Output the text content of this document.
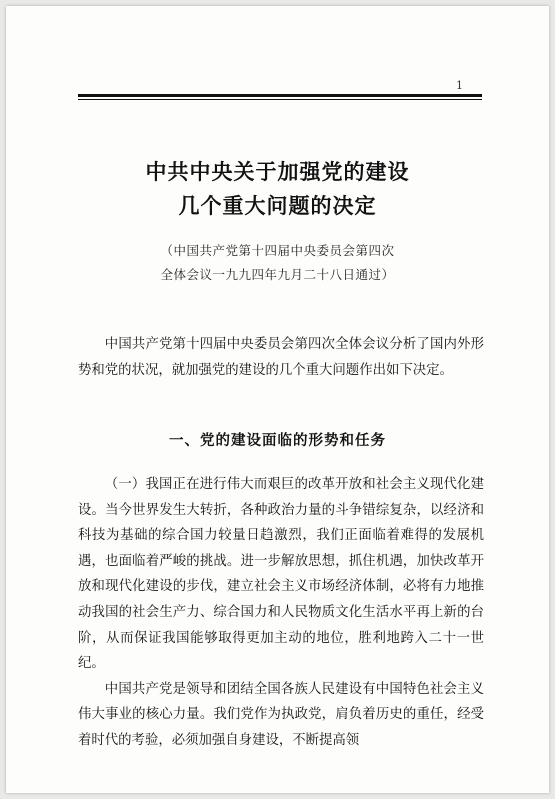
1
中共中央关于加强党的建设
几个重大问题的决定
（中国共产党第十四届中央委员会第四次
全体会议一九九四年九月二十八日通过）

中国共产党第十四届中央委员会第四次全体会议分析了国内外形势和党的状况，就加强党的建设的几个重大问题作出如下决定。

一、党的建设面临的形势和任务

（一）我国正在进行伟大而艰巨的改革开放和社会主义现代化建设。当今世界发生大转折，各种政治力量的斗争错综复杂，以经济和科技为基础的综合国力较量日趋激烈，我们正面临着难得的发展机遇，也面临着严峻的挑战。进一步解放思想，抓住机遇，加快改革开放和现代化建设的步伐，建立社会主义市场经济体制，必将有力地推动我国的社会生产力、综合国力和人民物质文化生活水平再上新的台阶，从而保证我国能够取得更加主动的地位，胜利地跨入二十一世纪。

中国共产党是领导和团结全国各族人民建设有中国特色社会主义伟大事业的核心力量。我们党作为执政党，肩负着历史的重任，经受着时代的考验，必须加强自身建设，不断提高领
